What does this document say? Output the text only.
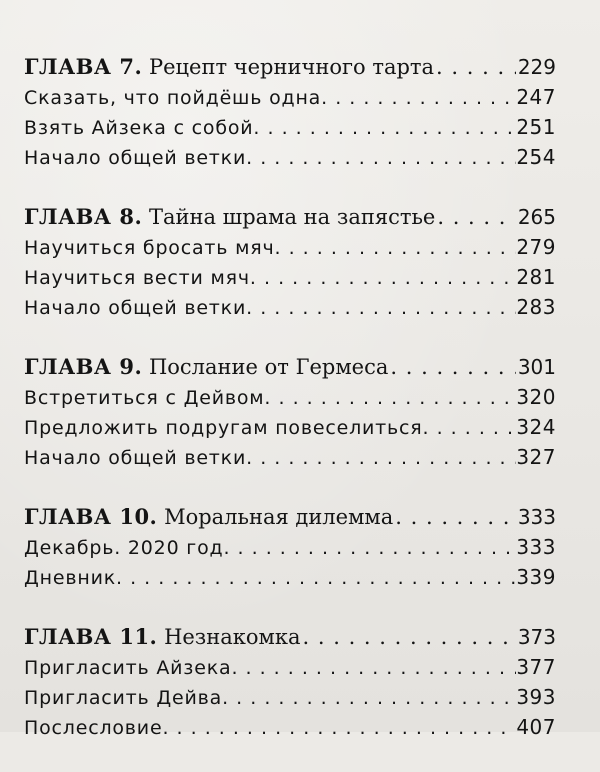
ГЛАВА 7. Рецепт черничного тарта . . .	229
Сказать, что пойдёшь одна . . .	247
Взять Айзека с собой . . .	251
Начало общей ветки . . .	254
ГЛАВА 8. Тайна шрама на запястье . . .	265
Научиться бросать мяч . . .	279
Научиться вести мяч . . .	281
Начало общей ветки . . .	283
ГЛАВА 9. Послание от Гермеса . . .	301
Встретиться с Дейвом . . .	320
Предложить подругам повеселиться . . .	324
Начало общей ветки . . .	327
ГЛАВА 10. Моральная дилемма . . .	333
Декабрь. 2020 год . . .	333
Дневник . . .	339
ГЛАВА 11. Незнакомка . . .	373
Пригласить Айзека . . .	377
Пригласить Дейва . . .	393
Послесловие . . .	407
